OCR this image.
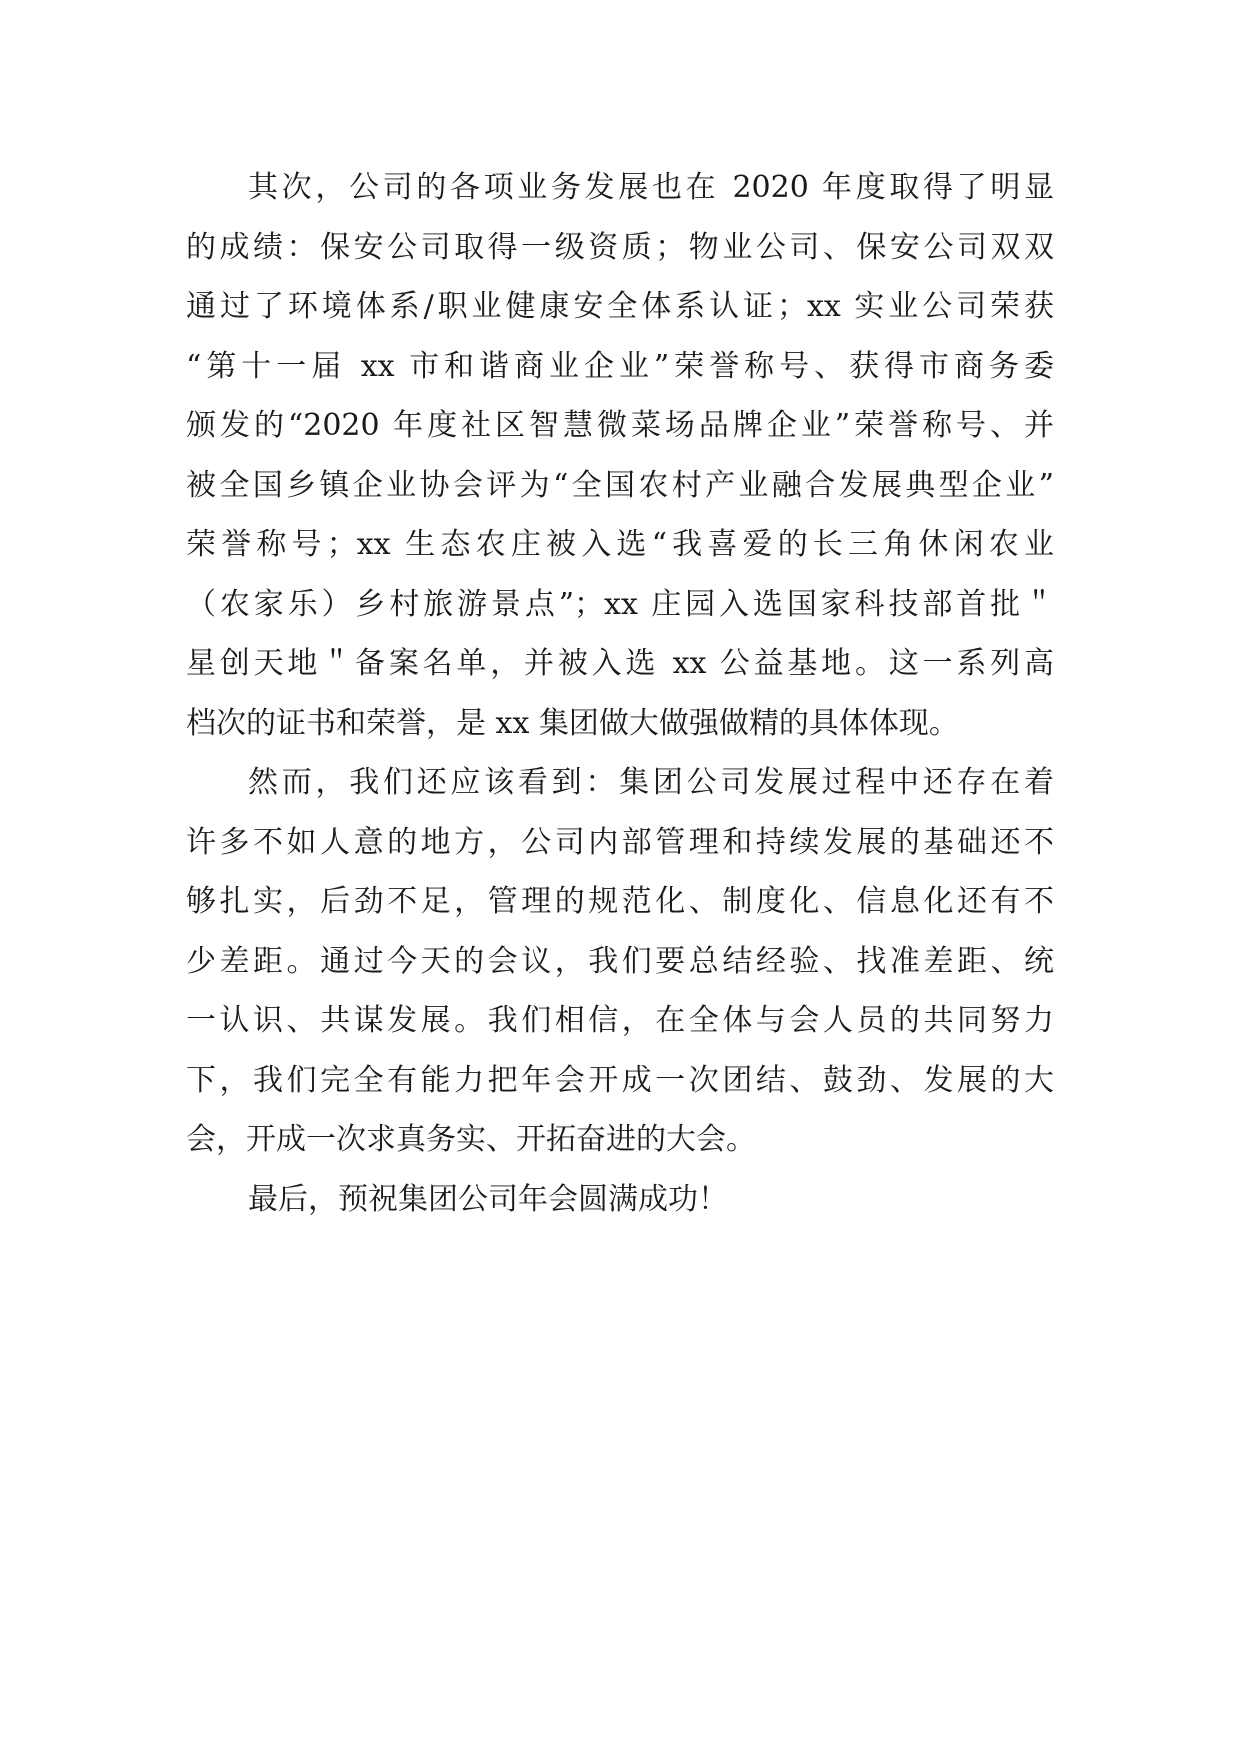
其次，公司的各项业务发展也在 2020 年度取得了明显
的成绩：保安公司取得一级资质；物业公司、保安公司双双
通过了环境体系/职业健康安全体系认证；xx 实业公司荣获
“第十一届 xx 市和谐商业企业”荣誉称号、获得市商务委
颁发的“2020 年度社区智慧微菜场品牌企业”荣誉称号、并
被全国乡镇企业协会评为“全国农村产业融合发展典型企业”
荣誉称号；xx 生态农庄被入选“我喜爱的长三角休闲农业
（农家乐）乡村旅游景点”；xx 庄园入选国家科技部首批＂
星创天地＂备案名单，并被入选 xx 公益基地。这一系列高
档次的证书和荣誉，是 xx 集团做大做强做精的具体体现。
然而，我们还应该看到：集团公司发展过程中还存在着
许多不如人意的地方，公司内部管理和持续发展的基础还不
够扎实，后劲不足，管理的规范化、制度化、信息化还有不
少差距。通过今天的会议，我们要总结经验、找准差距、统
一认识、共谋发展。我们相信，在全体与会人员的共同努力
下，我们完全有能力把年会开成一次团结、鼓劲、发展的大
会，开成一次求真务实、开拓奋进的大会。
最后，预祝集团公司年会圆满成功！
